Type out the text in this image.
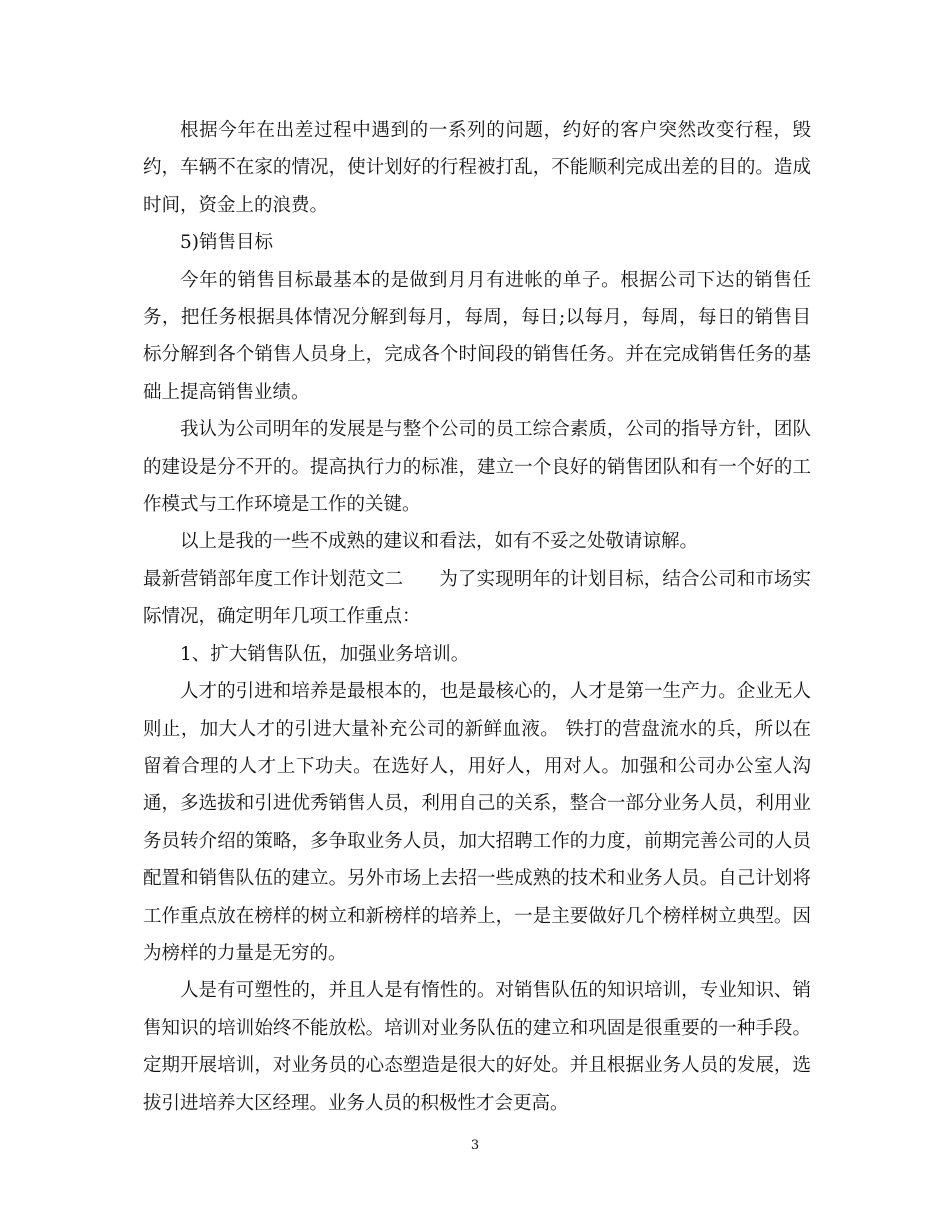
根据今年在出差过程中遇到的一系列的问题，约好的客户突然改变行程，毁约，车辆不在家的情况，使计划好的行程被打乱，不能顺利完成出差的目的。造成时间，资金上的浪费。

5)销售目标

今年的销售目标最基本的是做到月月有进帐的单子。根据公司下达的销售任务，把任务根据具体情况分解到每月，每周，每日;以每月，每周，每日的销售目标分解到各个销售人员身上，完成各个时间段的销售任务。并在完成销售任务的基础上提高销售业绩。

我认为公司明年的发展是与整个公司的员工综合素质，公司的指导方针，团队的建设是分不开的。提高执行力的标准，建立一个良好的销售团队和有一个好的工作模式与工作环境是工作的关键。

以上是我的一些不成熟的建议和看法，如有不妥之处敬请谅解。

最新营销部年度工作计划范文二 为了实现明年的计划目标，结合公司和市场实际情况，确定明年几项工作重点：

1、扩大销售队伍，加强业务培训。

人才的引进和培养是最根本的，也是最核心的，人才是第一生产力。企业无人则止，加大人才的引进大量补充公司的新鲜血液。 铁打的营盘流水的兵，所以在留着合理的人才上下功夫。在选好人，用好人，用对人。加强和公司办公室人沟通，多选拔和引进优秀销售人员，利用自己的关系，整合一部分业务人员，利用业务员转介绍的策略，多争取业务人员，加大招聘工作的力度，前期完善公司的人员配置和销售队伍的建立。另外市场上去招一些成熟的技术和业务人员。自己计划将工作重点放在榜样的树立和新榜样的培养上，一是主要做好几个榜样树立典型。因为榜样的力量是无穷的。

人是有可塑性的，并且人是有惰性的。对销售队伍的知识培训，专业知识、销售知识的培训始终不能放松。培训对业务队伍的建立和巩固是很重要的一种手段。定期开展培训，对业务员的心态塑造是很大的好处。并且根据业务人员的发展，选拔引进培养大区经理。业务人员的积极性才会更高。

3
